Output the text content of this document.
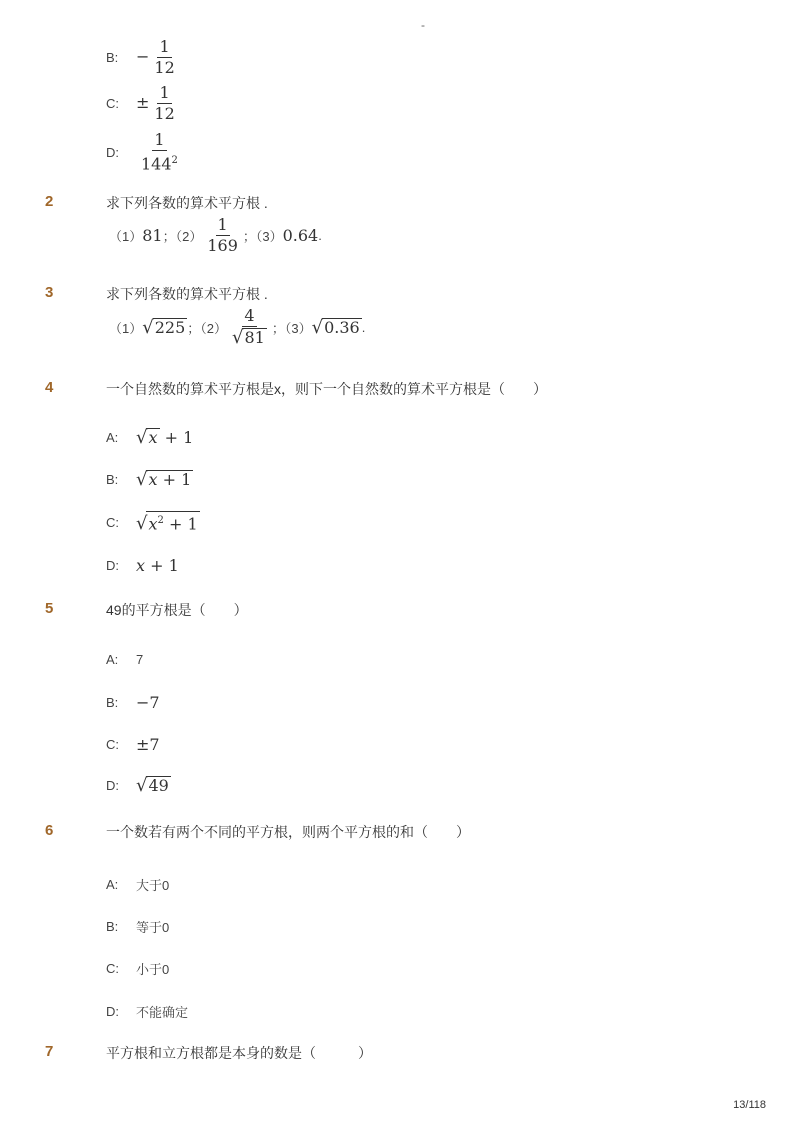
-
B:	− $\frac{1}{12}$
C:	± $\frac{1}{12}$
D:	$\frac{1}{144^2}$
2	求下列各数的算术平方根 .
（1） 81 ；$(2) \frac{1}{169}$ ；（3） 0.64 .
3	求下列各数的算术平方根 .
（1） √ 225 ；$(2) \frac{4}{√ 81}$ ；（3） √ 0.36 .
4	一个自然数的算术平方根是x，则下一个自然数的算术平方根是（　　）
A: √ x + 1
B: √ x + 1
C: √ $x^2 + 1$
D:	x + 1
5	49的平方根是（　　）
A:	7
B:	−7
C:	±7
D: √ 49
6	一个数若有两个不同的平方根，则两个平方根的和（　　）
A:	大于0
B:	等于0
C:	小于0
D:	不能确定
7	平方根和立方根都是本身的数是（　　　）
13/118
